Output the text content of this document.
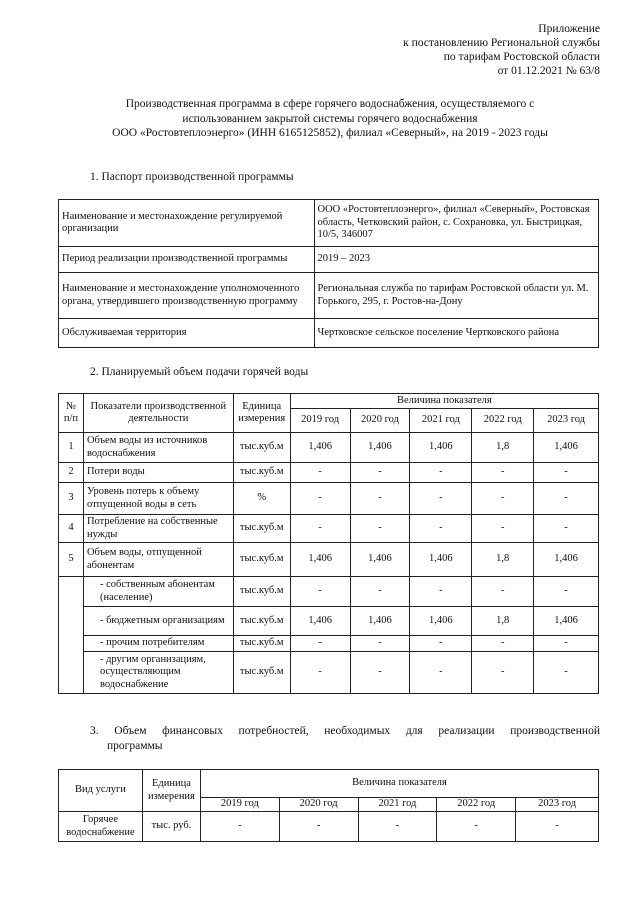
Приложение
к постановлению Региональной службы
по тарифам Ростовской области
от 01.12.2021 № 63/8
Производственная программа в сфере горячего водоснабжения, осуществляемого с
использованием закрытой системы горячего водоснабжения
ООО «Ростовтеплоэнерго» (ИНН 6165125852), филиал «Северный», на 2019 - 2023 годы
1. Паспорт производственной программы
Наименование и местонахождение регулируемой организации	ООО «Ростовтеплоэнерго», филиал «Северный», Ростовская область, Четковский район, с. Сохрановка, ул. Быстрицкая, 10/5, 346007
Период реализации производственной программы	2019 – 2023
Наименование и местонахождение уполномоченного органа, утвердившего производственную программу	Региональная служба по тарифам Ростовской области ул. М. Горького, 295, г. Ростов-на-Дону
Обслуживаемая территория	Чертковское сельское поселение Чертковского района
2. Планируемый объем подачи горячей воды
№ п/п	Показатели производственной деятельности	Единица измерения	Величина показателя				
			2019 год	2020 год	2021 год	2022 год	2023 год
1	Объем воды из источников водоснабжения	тыс.куб.м	1,406	1,406	1,406	1,8	1,406
2	Потери воды	тыс.куб.м	-	-	-	-	-
3	Уровень потерь к объему отпущенной воды в сеть	%	-	-	-	-	-
4	Потребление на собственные нужды	тыс.куб.м	-	-	-	-	-
5	Объем воды, отпущенной абонентам	тыс.куб.м	1,406	1,406	1,406	1,8	1,406
	- собственным абонентам (население)	тыс.куб.м	-	-	-	-	-
	- бюджетным организациям	тыс.куб.м	1,406	1,406	1,406	1,8	1,406
	- прочим потребителям	тыс.куб.м	-	-	-	-	-
	- другим организациям, осуществляющим водоснабжение	тыс.куб.м	-	-	-	-	-
3. Объем финансовых потребностей, необходимых для реализации производственной
программы
Вид услуги	Единица измерения	Величина показателя				
		2019 год	2020 год	2021 год	2022 год	2023 год
Горячее водоснабжение	тыс. руб.	-	-	-	-	-
